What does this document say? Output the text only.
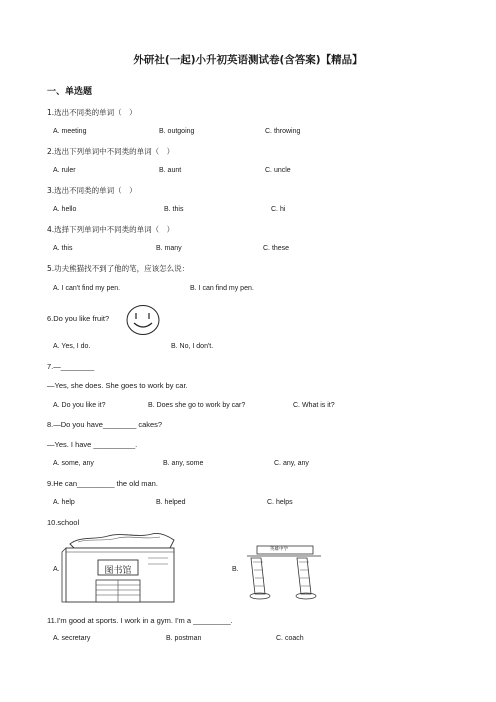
外研社(一起)小升初英语测试卷(含答案)【精品】
一、单选题
1.选出不同类的单词（　）
A. meeting	B. outgoing	C. throwing
2.选出下列单词中不同类的单词（　）
A. ruler	B. aunt	C. uncle
3.选出不同类的单词（　）
A. hello	B. this	C. hi
4.选择下列单词中不同类的单词（　）
A. this	B. many	C. these
5.功夫熊猫找不到了他的笔，应该怎么说：
A. I can't find my pen.	B. I can find my pen.
6.Do you like fruit?
A. Yes, I do.	B. No, I don't.
7.—________
—Yes, she does. She goes to work by car.
A. Do you like it?	B. Does she go to work by car?	C. What is it?
8.—Do you have________ cakes?
—Yes. I have __________.
A. some, any	B. any, some	C. any, any
9.He can_________ the old man.
A. help	B. helped	C. helps
10.school
A.	图书馆	B.
英雄中学
11.I'm good at sports. I work in a gym. I'm a _________.
A. secretary	B. postman	C. coach
